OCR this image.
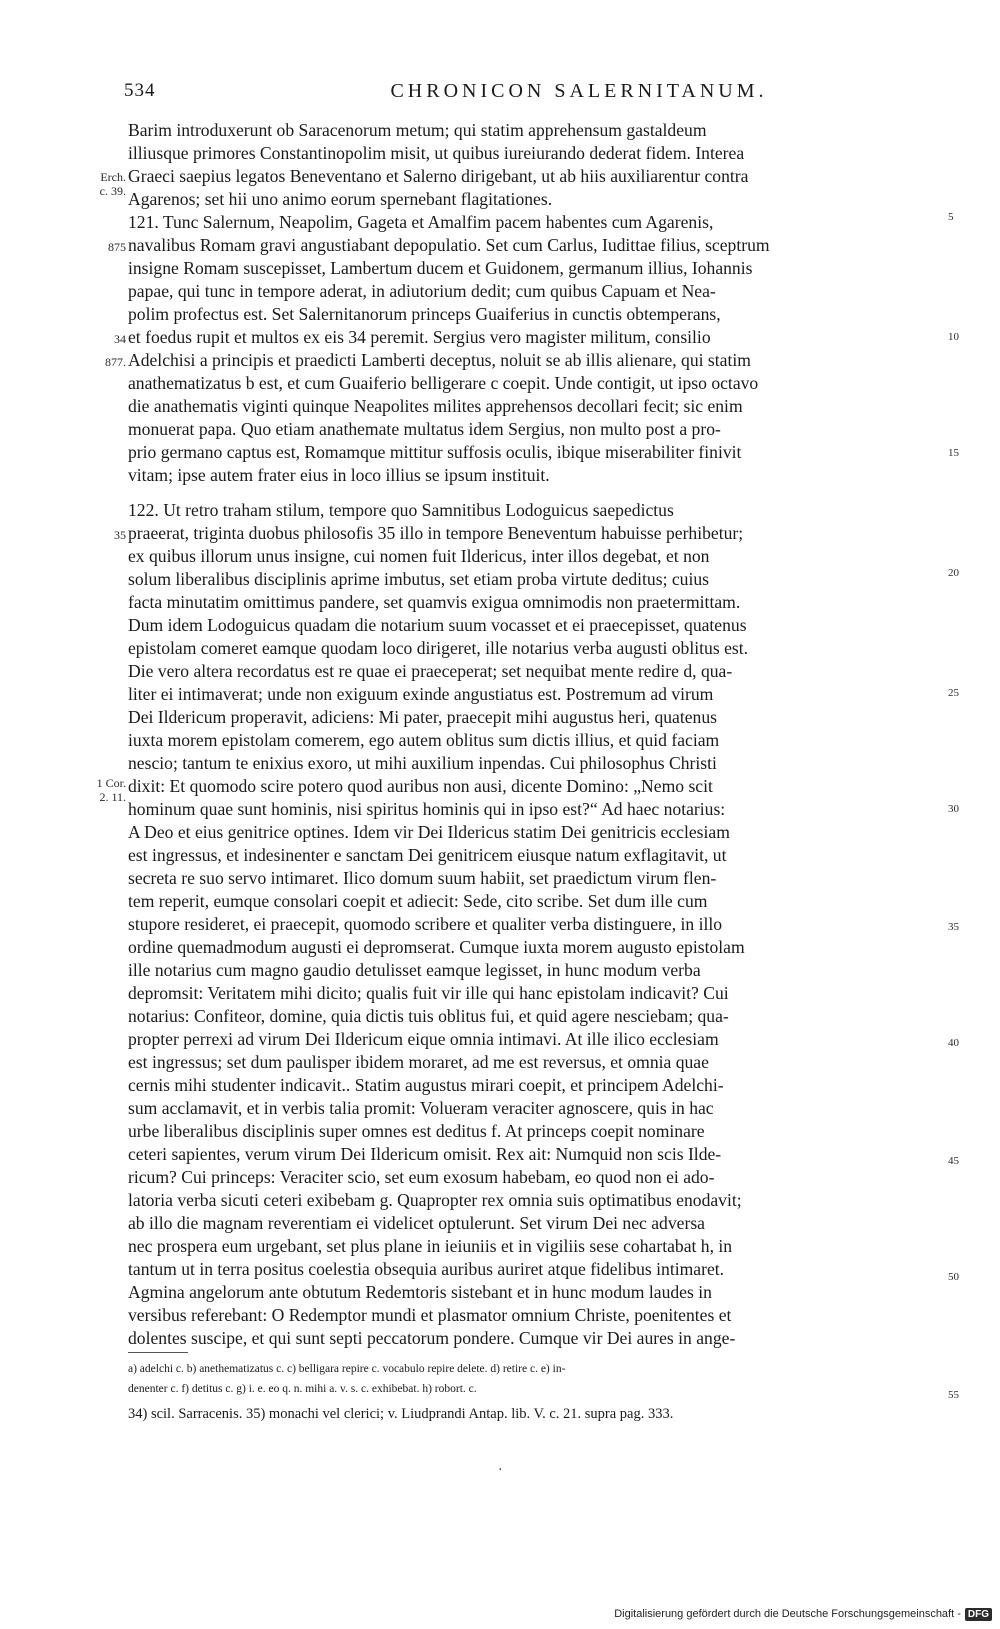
534	CHRONICON SALERNITANUM.
Barim introduxerunt ob Saracenorum metum; qui statim apprehensum gastaldeum
illiusque primores Constantinopolim misit, ut quibus iureiurando dederat fidem. Interea
Graeci saepius legatos Beneventano et Salerno dirigebant, ut ab hiis auxiliarentur contra
Agarenos; set hii uno animo eorum spernebant flagitationes.
121. Tunc Salernum, Neapolim, Gageta et Amalfim pacem habentes cum Agarenis,
navalibus Romam gravi angustiabant depopulatio. Set cum Carlus, Iudittae filius, sceptrum
insigne Romam suscepisset, Lambertum ducem et Guidonem, germanum illius, Iohannis
papae, qui tunc in tempore aderat, in adiutorium dedit; cum quibus Capuam et Nea-
polim profectus est. Set Salernitanorum princeps Guaiferius in cunctis obtemperans,
et foedus rupit et multos ex eis 34 peremit. Sergius vero magister militum, consilio
Adelchisi a principis et praedicti Lamberti deceptus, noluit se ab illis alienare, qui statim
anathematizatus b est, et cum Guaiferio belligerare c coepit. Unde contigit, ut ipso octavo
die anathematis viginti quinque Neapolites milites apprehensos decollari fecit; sic enim
monuerat papa. Quo etiam anathemate multatus idem Sergius, non multo post a pro-
prio germano captus est, Romamque mittitur suffosis oculis, ibique miserabiliter finivit
vitam; ipse autem frater eius in loco illius se ipsum instituit.
122. Ut retro traham stilum, tempore quo Samnitibus Lodoguicus saepedictus
praeerat, triginta duobus philosofis 35 illo in tempore Beneventum habuisse perhibetur;
ex quibus illorum unus insigne, cui nomen fuit Ildericus, inter illos degebat, et non
solum liberalibus disciplinis aprime imbutus, set etiam proba virtute deditus; cuius
facta minutatim omittimus pandere, set quamvis exigua omnimodis non praetermittam.
Dum idem Lodoguicus quadam die notarium suum vocasset et ei praecepisset, quatenus
epistolam comeret eamque quodam loco dirigeret, ille notarius verba augusti oblitus est.
Die vero altera recordatus est re quae ei praeceperat; set nequibat mente redire d, qua-
liter ei intimaverat; unde non exiguum exinde angustiatus est. Postremum ad virum
Dei Ildericum properavit, adiciens: Mi pater, praecepit mihi augustus heri, quatenus
iuxta morem epistolam comerem, ego autem oblitus sum dictis illius, et quid faciam
nescio; tantum te enixius exoro, ut mihi auxilium inpendas. Cui philosophus Christi
dixit: Et quomodo scire potero quod auribus non ausi, dicente Domino: „Nemo scit
hominum quae sunt hominis, nisi spiritus hominis qui in ipso est?“ Ad haec notarius:
A Deo et eius genitrice optines. Idem vir Dei Ildericus statim Dei genitricis ecclesiam
est ingressus, et indesinenter e sanctam Dei genitricem eiusque natum exflagitavit, ut
secreta re suo servo intimaret. Ilico domum suum habiit, set praedictum virum flen-
tem reperit, eumque consolari coepit et adiecit: Sede, cito scribe. Set dum ille cum
stupore resideret, ei praecepit, quomodo scribere et qualiter verba distinguere, in illo
ordine quemadmodum augusti ei depromserat. Cumque iuxta morem augusto epistolam
ille notarius cum magno gaudio detulisset eamque legisset, in hunc modum verba
depromsit: Veritatem mihi dicito; qualis fuit vir ille qui hanc epistolam indicavit? Cui
notarius: Confiteor, domine, quia dictis tuis oblitus fui, et quid agere nesciebam; qua-
propter perrexi ad virum Dei Ildericum eique omnia intimavi. At ille ilico ecclesiam
est ingressus; set dum paulisper ibidem moraret, ad me est reversus, et omnia quae
cernis mihi studenter indicavit.. Statim augustus mirari coepit, et principem Adelchi-
sum acclamavit, et in verbis talia promit: Volueram veraciter agnoscere, quis in hac
urbe liberalibus disciplinis super omnes est deditus f. At princeps coepit nominare
ceteri sapientes, verum virum Dei Ildericum omisit. Rex ait: Numquid non scis Ilde-
ricum? Cui princeps: Veraciter scio, set eum exosum habebam, eo quod non ei ado-
latoria verba sicuti ceteri exibebam g. Quapropter rex omnia suis optimatibus enodavit;
ab illo die magnam reverentiam ei videlicet optulerunt. Set virum Dei nec adversa
nec prospera eum urgebant, set plus plane in ieiuniis et in vigiliis sese cohartabat h, in
tantum ut in terra positus coelestia obsequia auribus auriret atque fidelibus intimaret.
Agmina angelorum ante obtutum Redemtoris sistebant et in hunc modum laudes in
versibus referebant: O Redemptor mundi et plasmator omnium Christe, poenitentes et
dolentes suscipe, et qui sunt septi peccatorum pondere. Cumque vir Dei aures in ange-
Erch.
c. 39.
875
34
877.
35
1 Cor.
2. 11.
5
10
15
20
25
30
35
40
45
50
55
a) adelchi c. b) anethematizatus c. c) belligara repire c. vocabulo repire delete. d) retire c. e) in-
denenter c. f) detitus c. g) i. e. eo q. n. mihi a. v. s. c. exhibebat. h) robort. c.
34) scil. Sarracenis. 35) monachi vel clerici; v. Liudprandi Antap. lib. V. c. 21. supra pag. 333.
·
Digitalisierung gefördert durch die Deutsche Forschungsgemeinschaft - DFG
